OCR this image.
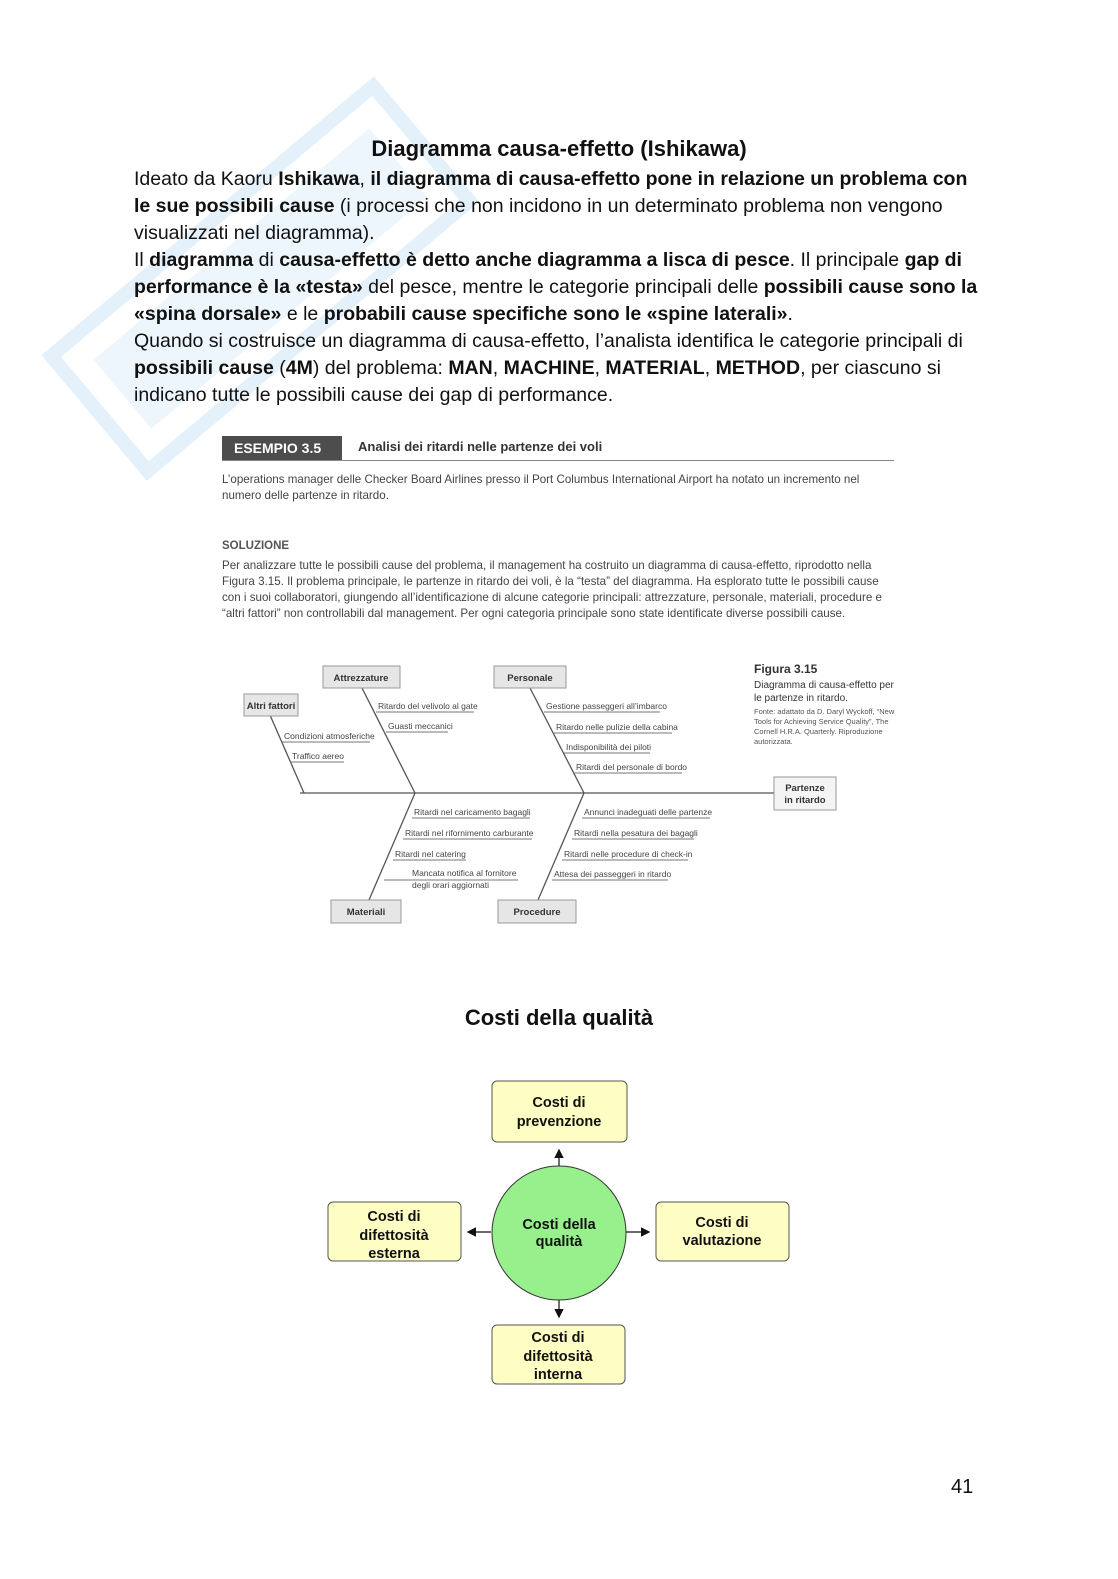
Diagramma causa-effetto (Ishikawa)

Ideato da Kaoru Ishikawa, il diagramma di causa-effetto pone in relazione un problema con le sue possibili cause (i processi che non incidono in un determinato problema non vengono visualizzati nel diagramma).

Il diagramma di causa-effetto è detto anche diagramma a lisca di pesce. Il principale gap di performance è la «testa» del pesce, mentre le categorie principali delle possibili cause sono la «spina dorsale» e le probabili cause specifiche sono le «spine laterali».

Quando si costruisce un diagramma di causa-effetto, l’analista identifica le categorie principali di possibili cause (4M) del problema: MAN, MACHINE, MATERIAL, METHOD, per ciascuno si indicano tutte le possibili cause dei gap di performance.

ESEMPIO 3.5	Analisi dei ritardi nelle partenze dei voli
L’operations manager delle Checker Board Airlines presso il Port Columbus International Airport ha notato un incremento nel numero delle partenze in ritardo.
SOLUZIONE
Per analizzare tutte le possibili cause del problema, il management ha costruito un diagramma di causa-effetto, riprodotto nella Figura 3.15. Il problema principale, le partenze in ritardo dei voli, è la “testa” del diagramma. Ha esplorato tutte le possibili cause con i suoi collaboratori, giungendo all’identificazione di alcune categorie principali: attrezzature, personale, materiali, procedure e “altri fattori” non controllabili dal management. Per ogni categoria principale sono state identificate diverse possibili cause.
Altri fattori
Attrezzature	Personale
Materiali	Procedure
Partenze
in ritardo
Condizioni atmosferiche
Traffico aereo
Ritardo del velivolo al gate
Guasti meccanici
Gestione passeggeri all’imbarco
Ritardo nelle pulizie della cabina
Indisponibilità dei piloti
Ritardi del personale di bordo
Ritardi nel caricamento bagagli
Ritardi nel rifornimento carburante
Ritardi nel catering
Mancata notifica al fornitore
degli orari aggiornati
Annunci inadeguati delle partenze
Ritardi nella pesatura dei bagagli
Ritardi nelle procedure di check-in
Attesa dei passeggeri in ritardo
Figura 3.15
Diagramma di causa-effetto per le partenze in ritardo.
Fonte: adattato da D. Daryl Wyckoff, “New Tools for Achieving Service Quality”, The Cornell H.R.A. Quarterly. Riproduzione autorizzata.
Costi della qualità
Costi della
qualità
Costi di
prevenzione
Costi di
valutazione
Costi di
difettosità
interna
Costi di
difettosità
esterna
41
